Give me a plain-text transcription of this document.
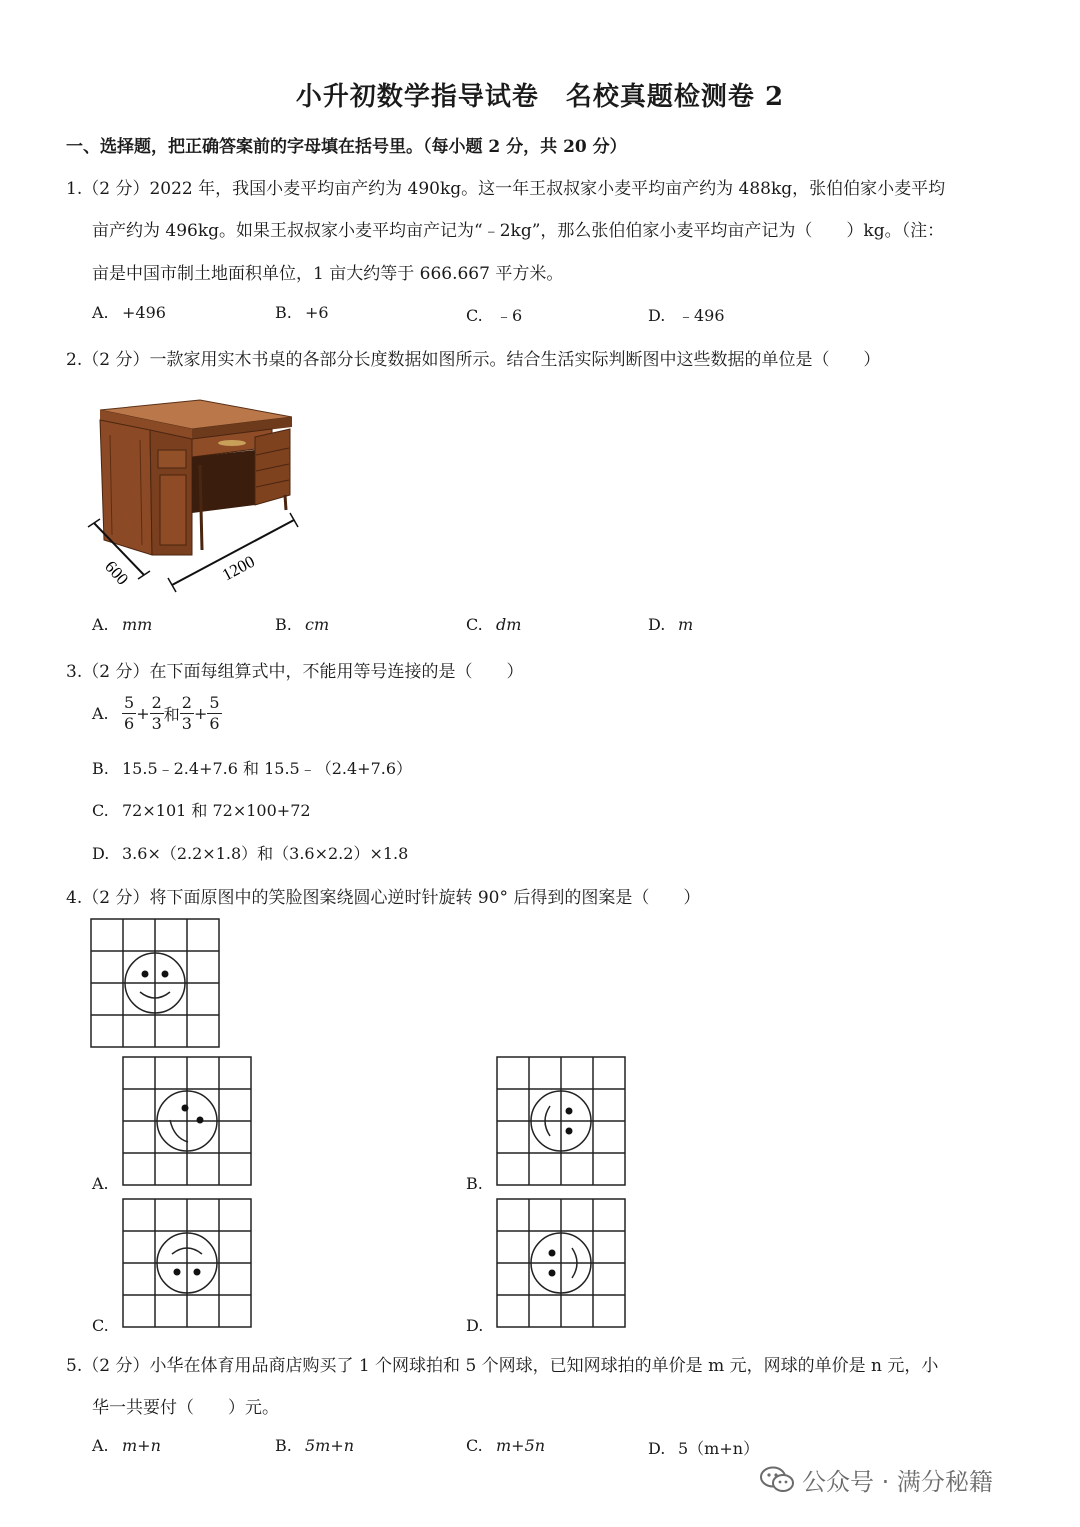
小升初数学指导试卷　名校真题检测卷 2
一、选择题，把正确答案前的字母填在括号里。（每小题 2 分，共 20 分）
1.（2 分）2022 年，我国小麦平均亩产约为 490kg。这一年王叔叔家小麦平均亩产约为 488kg，张伯伯家小麦平均
亩产约为 496kg。如果王叔叔家小麦平均亩产记为“﹣2kg”，那么张伯伯家小麦平均亩产记为（　　）kg。（注：
亩是中国市制土地面积单位，1 亩大约等于 666.667 平方米。
A. +496	B. +6	C. ﹣6	D. ﹣496
2.（2 分）一款家用实木书桌的各部分长度数据如图所示。结合生活实际判断图中这些数据的单位是（　　）
600	1200
A. mm	B. cm	C. dm	D. m
3.（2 分）在下面每组算式中，不能用等号连接的是（　　）
A. $\frac{5}{6} + \frac{2}{3}$ 和 $\frac{2}{3} + \frac{5}{6}$
B. 15.5﹣2.4+7.6 和 15.5﹣（2.4+7.6）
C. 72×101 和 72×100+72
D. 3.6×（2.2×1.8）和（3.6×2.2）×1.8
4.（2 分）将下面原图中的笑脸图案绕圆心逆时针旋转 90° 后得到的图案是（　　）
A.	B.
C.	D.
5.（2 分）小华在体育用品商店购买了 1 个网球拍和 5 个网球，已知网球拍的单价是 m 元，网球的单价是 n 元，小
华一共要付（　　）元。
A. m+n	B. 5m+n	C. m+5n	D. 5（m+n）
公众号 · 满分秘籍
